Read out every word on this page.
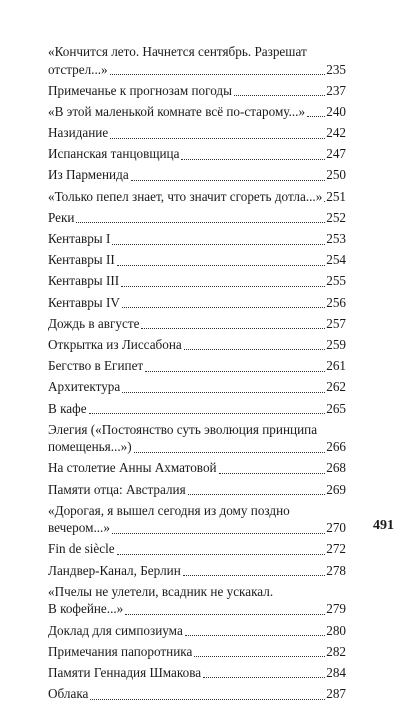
«Кончится лето. Начнется сентябрь. Разрешат
отстрел...»	235
Примечанье к прогнозам погоды	237
«В этой маленькой комнате всё по-старому...» 240
Назидание	242
Испанская танцовщица	247
Из Парменида	250
«Только пепел знает, что значит сгореть дотла...» 251
Реки	252
Кентавры I	253
Кентавры II	254
Кентавры III	255
Кентавры IV	256
Дождь в августе	257
Открытка из Лиссабона	259
Бегство в Египет	261
Архитектура	262
В кафе	265
Элегия («Постоянство суть эволюция принципа
помещенья...»)	266
На столетие Анны Ахматовой	268
Памяти отца: Австралия	269
«Дорогая, я вышел сегодня из дому поздно
вечером...»	270
Fin de siècle	272
Ландвер-Канал, Берлин	278
«Пчелы не улетели, всадник не ускакал.
В кофейне...»	279
Доклад для симпозиума	280
Примечания папоротника	282
Памяти Геннадия Шмакова	284
Облака	287
491
